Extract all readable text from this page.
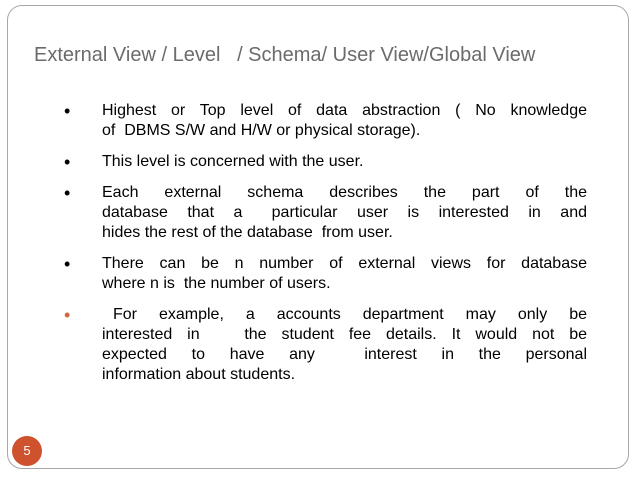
External View / Level   / Schema/ User View/Global View
•	Highest or Top level of data abstraction ( No knowledge
of  DBMS S/W and H/W or physical storage).
•	This level is concerned with the user.
•	Each  external  schema  describes  the  part  of  the
database  that  a   particular  user  is  interested  in  and
hides the rest of the database  from user.
•	There can be n number of external views for database
where n is  the number of users.
•	For  example,  a  accounts  department  may  only  be
interested in   the student fee details. It would not be
expected  to  have  any    interest  in  the  personal
information about students.
5
